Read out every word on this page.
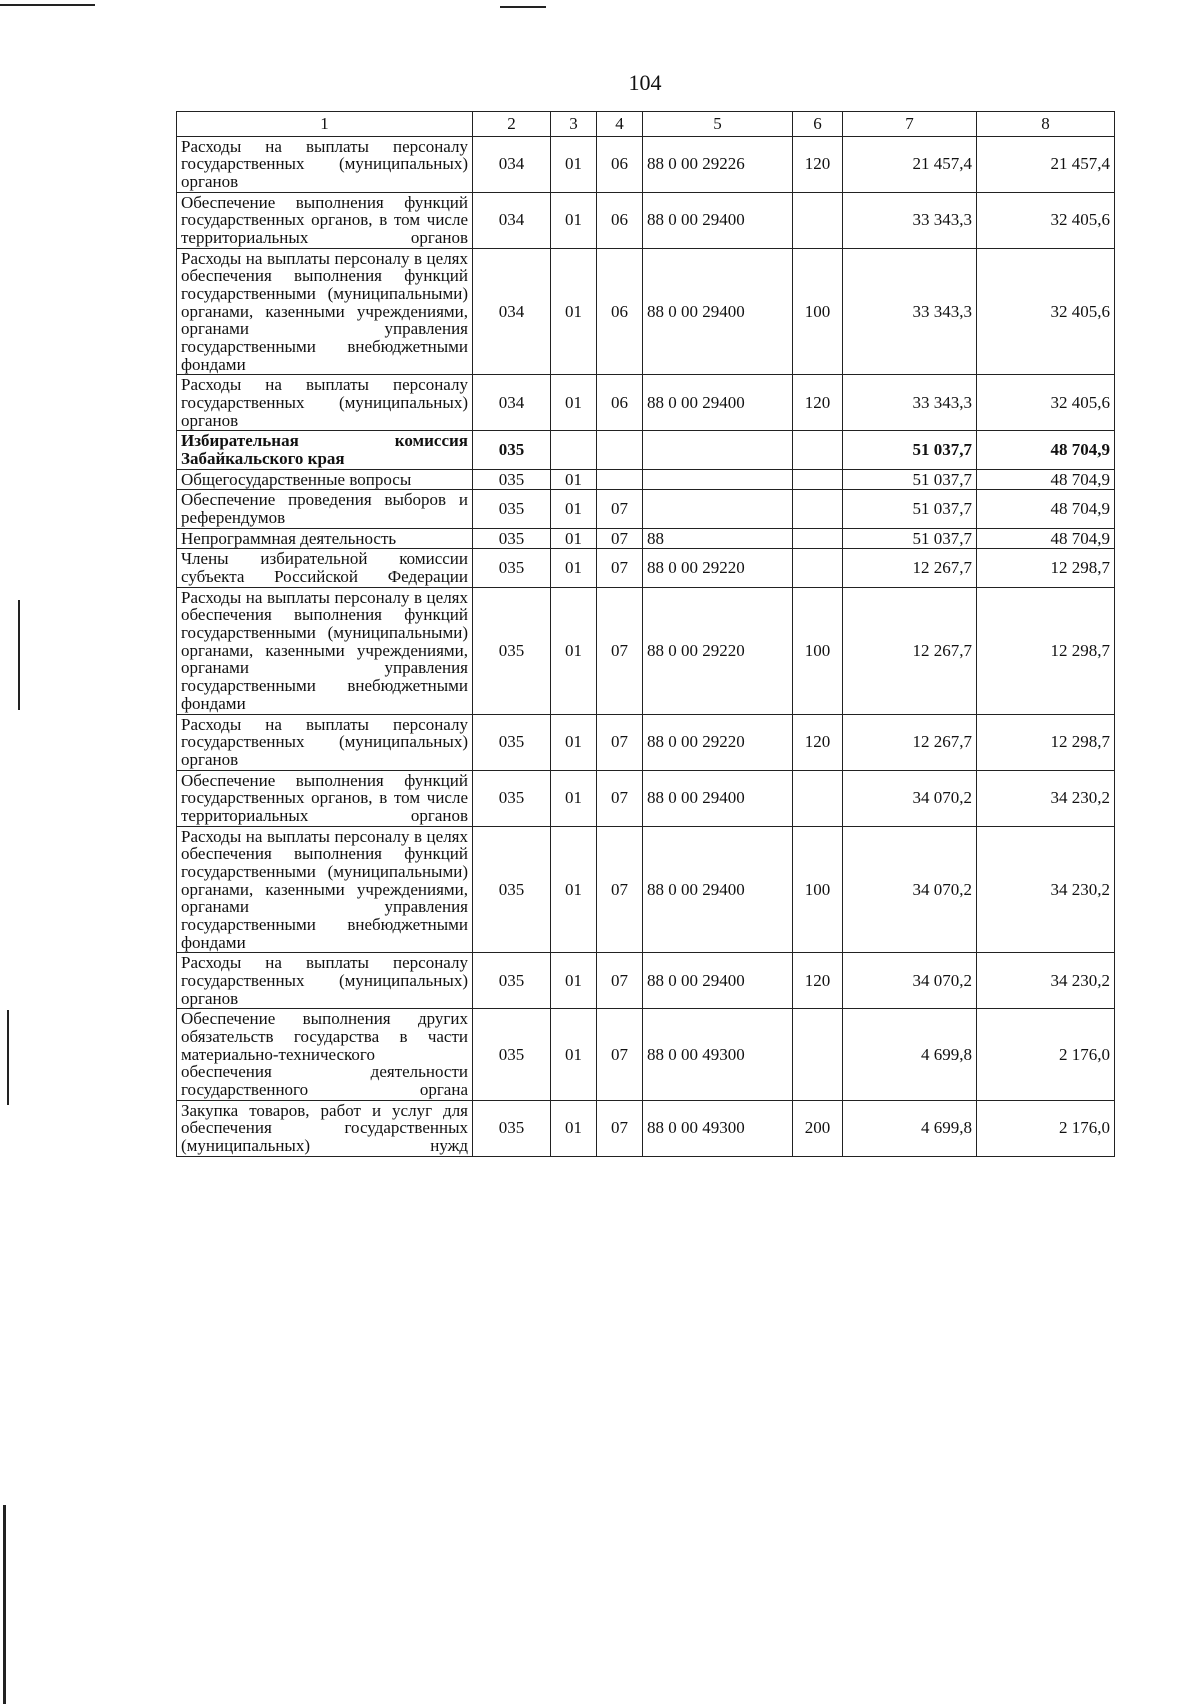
104
1	2	3	4	5	6	7	8
Расходы на выплаты персоналу государственных (муниципальных) органов	034	01	06	88 0 00 29226	120	21 457,4	21 457,4
Обеспечение выполнения функций государственных органов, в том числе территориальных органов	034	01	06	88 0 00 29400		33 343,3	32 405,6
Расходы на выплаты персоналу в целях обеспечения выполнения функций государственными (муниципальными) органами, казенными учреждениями, органами управления государственными внебюджетными фондами	034	01	06	88 0 00 29400	100	33 343,3	32 405,6
Расходы на выплаты персоналу государственных (муниципальных) органов	034	01	06	88 0 00 29400	120	33 343,3	32 405,6
Избирательная комиссия Забайкальского края	035					51 037,7	48 704,9
Общегосударственные вопросы	035	01				51 037,7	48 704,9
Обеспечение проведения выборов и референдумов	035	01	07			51 037,7	48 704,9
Непрограммная деятельность	035	01	07	88		51 037,7	48 704,9
Члены избирательной комиссии субъекта Российской Федерации	035	01	07	88 0 00 29220		12 267,7	12 298,7
Расходы на выплаты персоналу в целях обеспечения выполнения функций государственными (муниципальными) органами, казенными учреждениями, органами управления государственными внебюджетными фондами	035	01	07	88 0 00 29220	100	12 267,7	12 298,7
Расходы на выплаты персоналу государственных (муниципальных) органов	035	01	07	88 0 00 29220	120	12 267,7	12 298,7
Обеспечение выполнения функций государственных органов, в том числе территориальных органов	035	01	07	88 0 00 29400		34 070,2	34 230,2
Расходы на выплаты персоналу в целях обеспечения выполнения функций государственными (муниципальными) органами, казенными учреждениями, органами управления государственными внебюджетными фондами	035	01	07	88 0 00 29400	100	34 070,2	34 230,2
Расходы на выплаты персоналу государственных (муниципальных) органов	035	01	07	88 0 00 29400	120	34 070,2	34 230,2
Обеспечение выполнения других обязательств государства в части материально-технического обеспечения деятельности государственного органа	035	01	07	88 0 00 49300		4 699,8	2 176,0
Закупка товаров, работ и услуг для обеспечения государственных (муниципальных) нужд	035	01	07	88 0 00 49300	200	4 699,8	2 176,0
